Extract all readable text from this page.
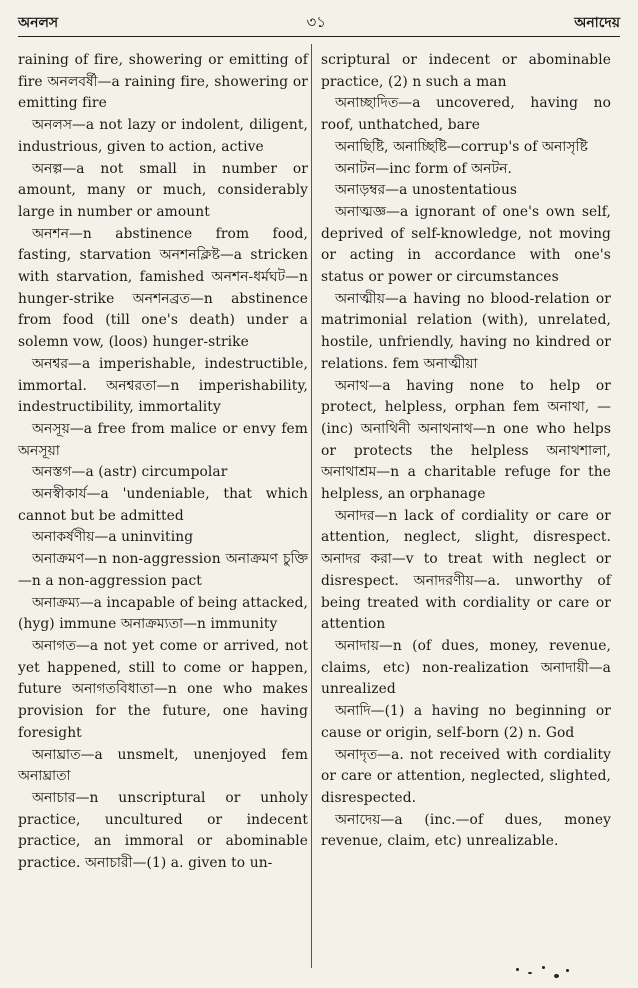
অনলস	৩১	অনাদেয়

raining of fire, showering or emitting of fire অনলবর্ষী—a raining fire, showering or emitting fire

অনলস—a not lazy or indolent, diligent, industrious, given to action, active

অনল্প—a not small in number or amount, many or much, considerably large in number or amount

অনশন—n abstinence from food, fasting, starvation অনশনক্লিষ্ট—a stricken with starvation, famished অনশন-ধর্মঘট—n hunger-strike অনশনব্রত—n abstinence from food (till one's death) under a solemn vow, (loos) hunger-strike

অনশ্বর—a imperishable, indestructible, immortal. অনশ্বরতা—n imperishability, indestructibility, immortality

অনসূয়—a free from malice or envy fem অনসূয়া

অনস্তগ—a (astr) circumpolar

অনস্বীকার্য—a 'undeniable, that which cannot but be admitted

অনাকর্ষণীয়—a uninviting

অনাক্রমণ—n non-aggression অনাক্রমণ চুক্তি—n a non-aggression pact

অনাক্রম্য—a incapable of being attacked, (hyg) immune অনাক্রম্যতা—n immunity

অনাগত—a not yet come or arrived, not yet happened, still to come or happen, future অনাগতবিধাতা—n one who makes provision for the future, one having foresight

অনাঘ্রাত—a unsmelt, unenjoyed fem অনাঘ্রাতা

অনাচার—n unscriptural or unholy practice, uncultured or indecent practice, an immoral or abominable practice. অনাচারী—(1) a. given to un-

scriptural or indecent or abominable practice, (2) n such a man

অনাচ্ছাদিত—a uncovered, having no roof, unthatched, bare

অনাছিষ্টি, অনাচ্ছিষ্টি—corrup's of অনাসৃষ্টি

অনাটন—inc form of অনটন.

অনাড়ম্বর—a unostentatious

অনাত্মজ্ঞ—a ignorant of one's own self, deprived of self-knowledge, not moving or acting in accordance with one's status or power or circumstances

অনাত্মীয়—a having no blood-relation or matrimonial relation (with), unrelated, hostile, unfriendly, having no kindred or relations. fem অনাত্মীয়া

অনাথ—a having none to help or protect, helpless, orphan fem অনাথা, —(inc) অনাথিনী অনাথনাথ—n one who helps or protects the helpless অনাথশালা, অনাথাশ্রম—n a charitable refuge for the helpless, an orphanage

অনাদর—n lack of cordiality or care or attention, neglect, slight, disrespect. অনাদর করা—v to treat with neglect or disrespect. অনাদরণীয়—a. unworthy of being treated with cordiality or care or attention

অনাদায়—n (of dues, money, revenue, claims, etc) non-realization অনাদায়ী—a unrealized

অনাদি—(1) a having no beginning or cause or origin, self-born (2) n. God

অনাদৃত—a. not received with cordiality or care or attention, neglected, slighted, disrespected.

অনাদেয়—a (inc.—of dues, money revenue, claim, etc) unrealizable.
